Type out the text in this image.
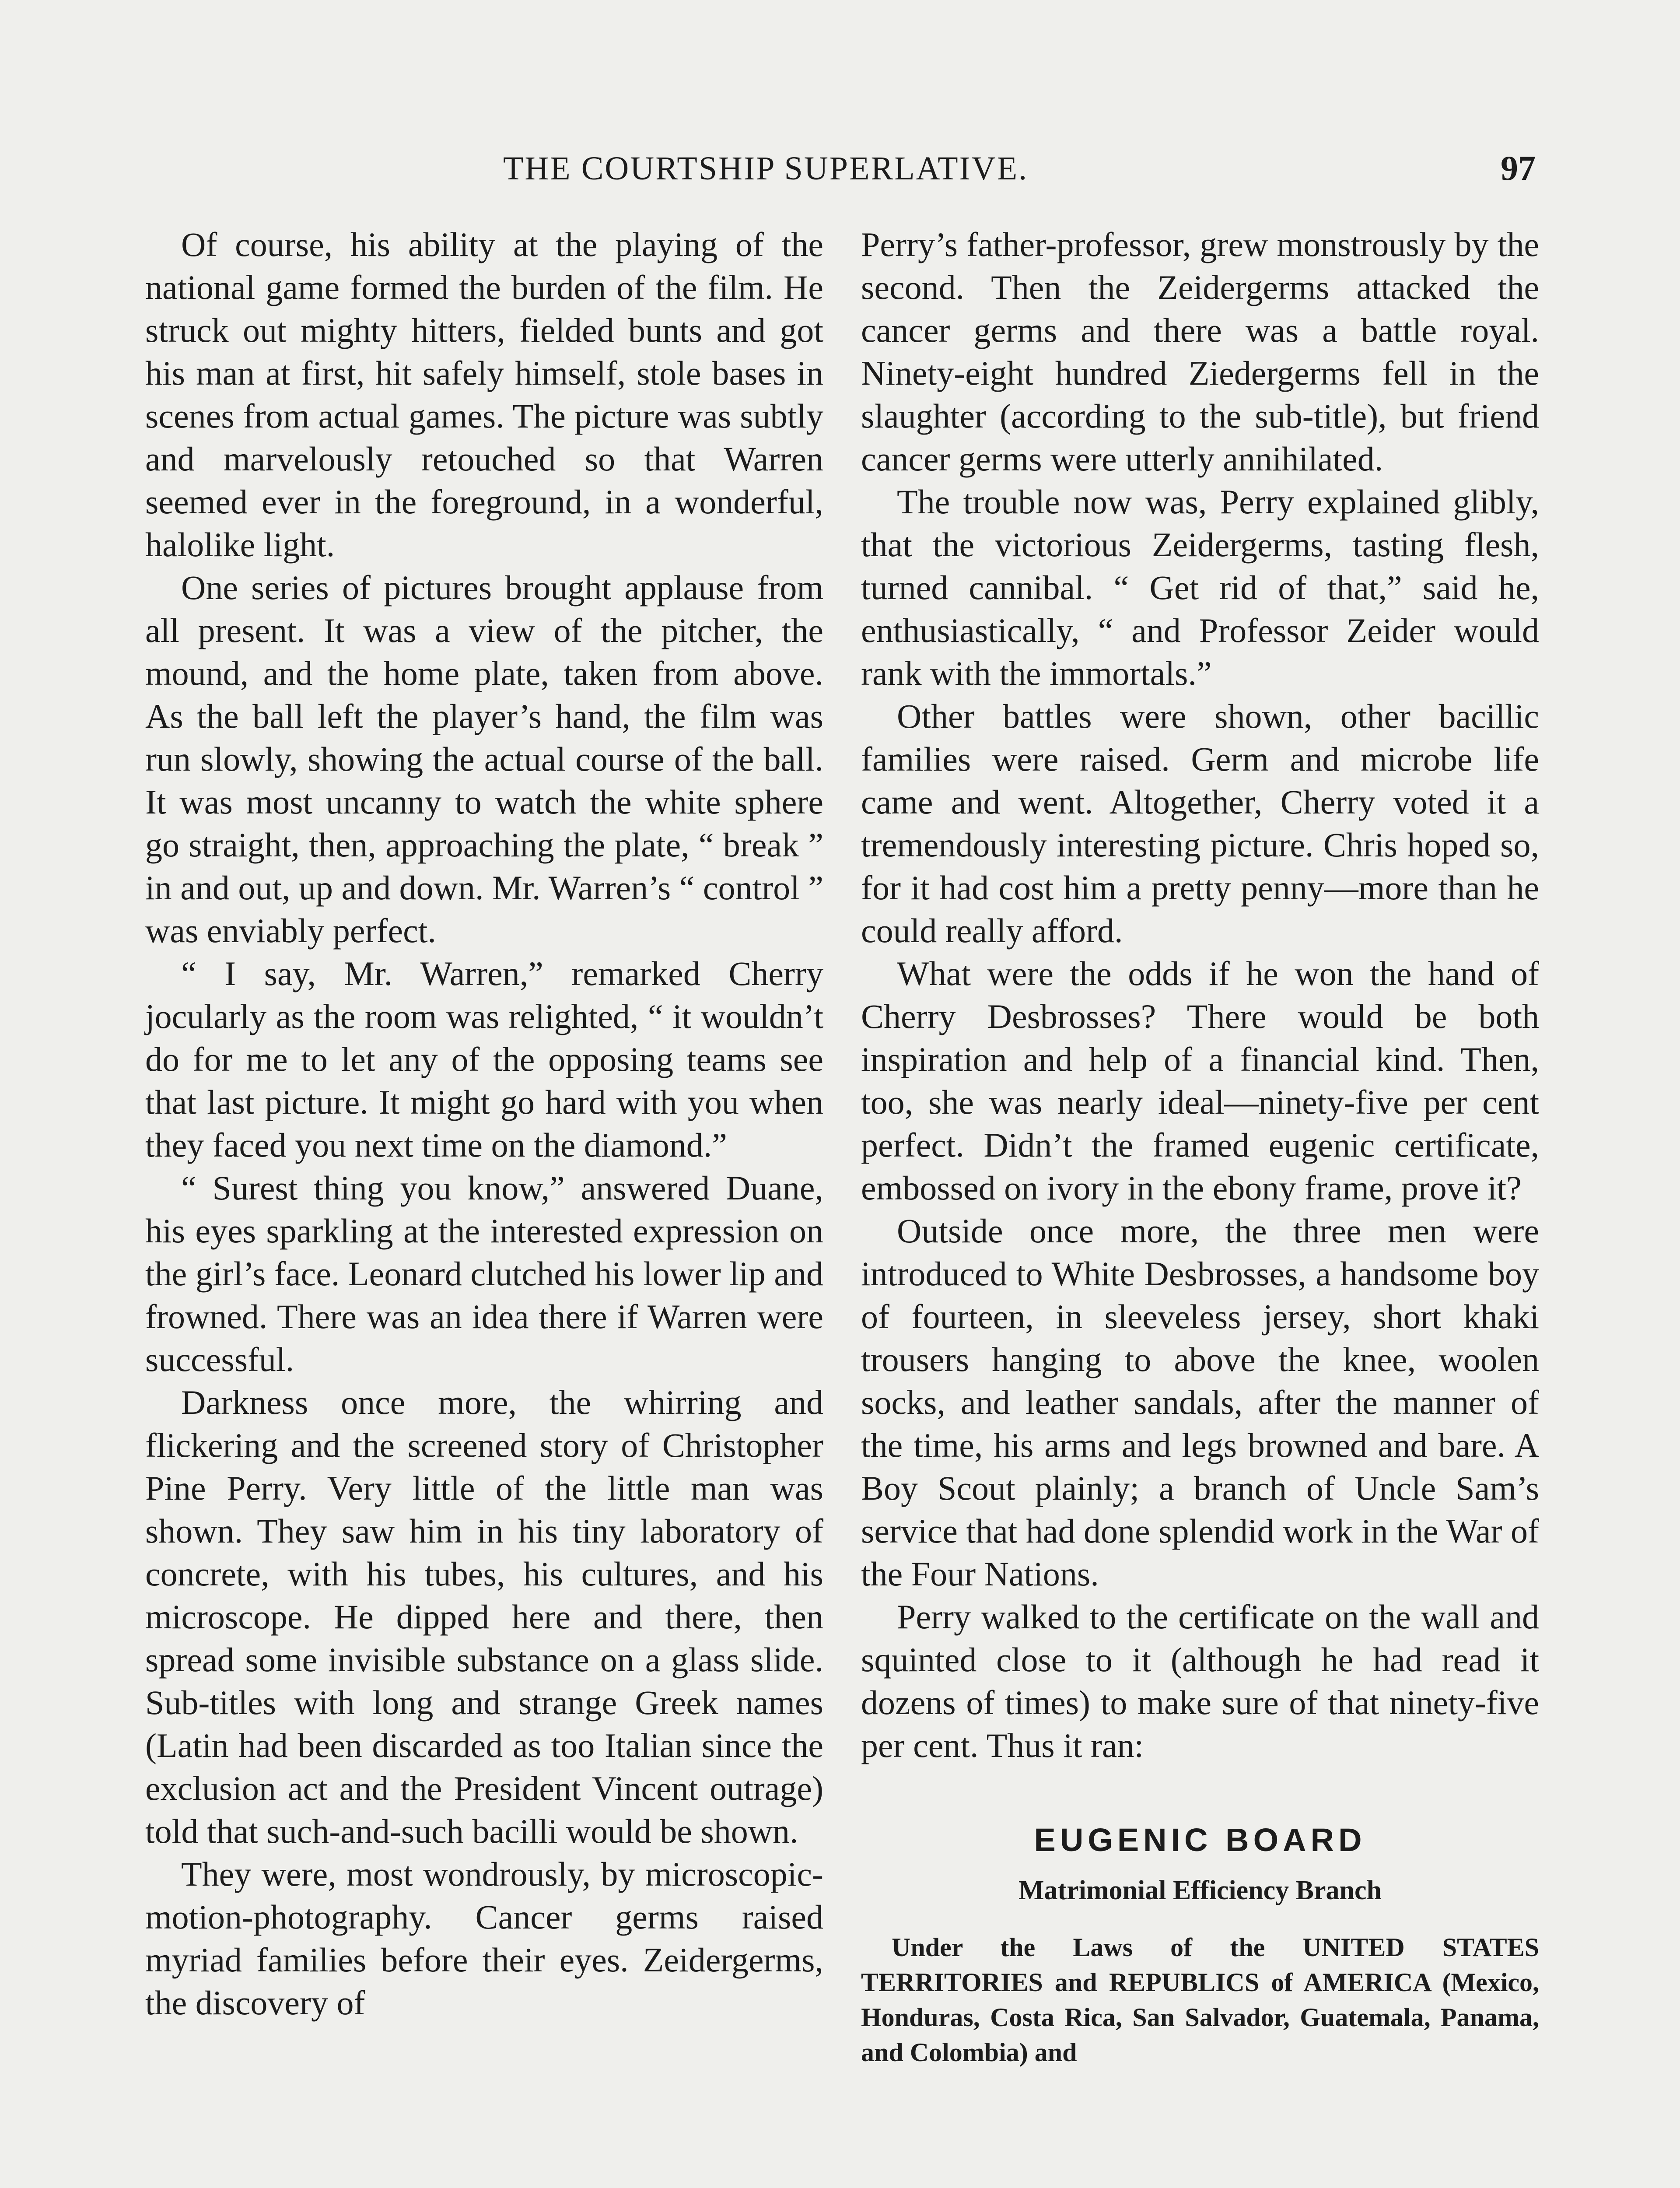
THE COURTSHIP SUPERLATIVE.	97

Of course, his ability at the playing of the national game formed the burden of the film. He struck out mighty hitters, fielded bunts and got his man at first, hit safely himself, stole bases in scenes from actual games. The picture was subtly and marvelously retouched so that Warren seemed ever in the foreground, in a wonderful, halolike light.

One series of pictures brought applause from all present. It was a view of the pitcher, the mound, and the home plate, taken from above. As the ball left the player’s hand, the film was run slowly, showing the actual course of the ball. It was most uncanny to watch the white sphere go straight, then, approaching the plate, “ break ” in and out, up and down. Mr. Warren’s “ control ” was enviably perfect.

“ I say, Mr. Warren,” remarked Cherry jocularly as the room was relighted, “ it wouldn’t do for me to let any of the opposing teams see that last picture. It might go hard with you when they faced you next time on the diamond.”

“ Surest thing you know,” answered Duane, his eyes sparkling at the interested expression on the girl’s face. Leonard clutched his lower lip and frowned. There was an idea there if Warren were successful.

Darkness once more, the whirring and flickering and the screened story of Christopher Pine Perry. Very little of the little man was shown. They saw him in his tiny laboratory of concrete, with his tubes, his cultures, and his microscope. He dipped here and there, then spread some invisible substance on a glass slide. Sub-titles with long and strange Greek names (Latin had been discarded as too Italian since the exclusion act and the President Vincent outrage) told that such-and-such bacilli would be shown.

They were, most wondrously, by microscopic-motion-photography. Cancer germs raised myriad families before their eyes. Zeidergerms, the discovery of

Perry’s father-professor, grew monstrously by the second. Then the Zeidergerms attacked the cancer germs and there was a battle royal. Ninety-eight hundred Ziedergerms fell in the slaughter (according to the sub-title), but friend cancer germs were utterly annihilated.

The trouble now was, Perry explained glibly, that the victorious Zeidergerms, tasting flesh, turned cannibal. “ Get rid of that,” said he, enthusiastically, “ and Professor Zeider would rank with the immortals.”

Other battles were shown, other bacillic families were raised. Germ and microbe life came and went. Altogether, Cherry voted it a tremendously interesting picture. Chris hoped so, for it had cost him a pretty penny—more than he could really afford.

What were the odds if he won the hand of Cherry Desbrosses? There would be both inspiration and help of a financial kind. Then, too, she was nearly ideal—ninety-five per cent perfect. Didn’t the framed eugenic certificate, embossed on ivory in the ebony frame, prove it?

Outside once more, the three men were introduced to White Desbrosses, a handsome boy of fourteen, in sleeveless jersey, short khaki trousers hanging to above the knee, woolen socks, and leather sandals, after the manner of the time, his arms and legs browned and bare. A Boy Scout plainly; a branch of Uncle Sam’s service that had done splendid work in the War of the Four Nations.

Perry walked to the certificate on the wall and squinted close to it (although he had read it dozens of times) to make sure of that ninety-five per cent. Thus it ran:

EUGENIC BOARD
Matrimonial Efficiency Branch

Under the Laws of the UNITED STATES TERRITORIES and REPUBLICS of AMERICA (Mexico, Honduras, Costa Rica, San Salvador, Guatemala, Panama, and Colombia) and
